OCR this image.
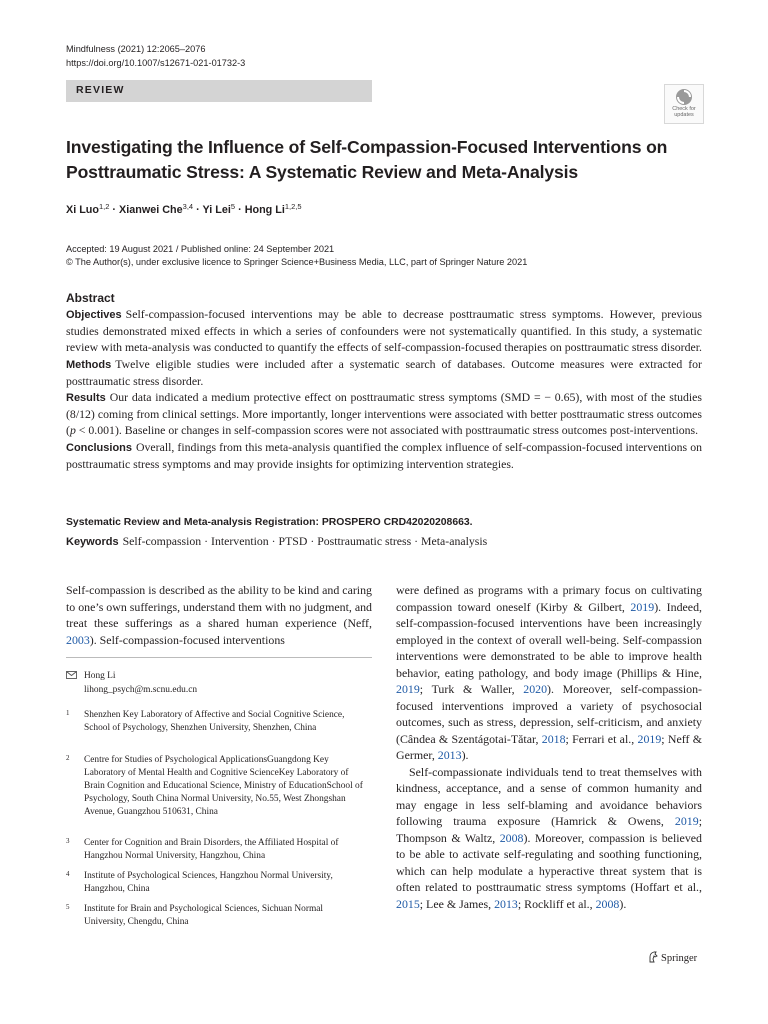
Mindfulness (2021) 12:2065–2076
https://doi.org/10.1007/s12671-021-01732-3
REVIEW
Check for
updates
Investigating the Influence of Self-Compassion-Focused Interventions on Posttraumatic Stress: A Systematic Review and Meta-Analysis
Xi Luo$^{1,2}$ · Xianwei Che$^{3,4}$ · Yi Lei$^5$ · Hong Li$^{1,2,5}$
Accepted: 19 August 2021 / Published online: 24 September 2021
© The Author(s), under exclusive licence to Springer Science+Business Media, LLC, part of Springer Nature 2021
Abstract

Objectives Self-compassion-focused interventions may be able to decrease posttraumatic stress symptoms. However, previous studies demonstrated mixed effects in which a series of confounders were not systematically quantified. In this study, a systematic review with meta-analysis was conducted to quantify the effects of self-compassion-focused therapies on posttraumatic stress disorder.

Methods Twelve eligible studies were included after a systematic search of databases. Outcome measures were extracted for posttraumatic stress disorder.

Results Our data indicated a medium protective effect on posttraumatic stress symptoms (SMD = − 0.65), with most of the studies (8/12) coming from clinical settings. More importantly, longer interventions were associated with better posttraumatic stress outcomes (p < 0.001). Baseline or changes in self-compassion scores were not associated with posttraumatic stress outcomes post-interventions.

Conclusions Overall, findings from this meta-analysis quantified the complex influence of self-compassion-focused interventions on posttraumatic stress symptoms and may provide insights for optimizing intervention strategies.

Systematic Review and Meta-analysis Registration: PROSPERO CRD42020208663.
Keywords Self-compassion · Intervention · PTSD · Posttraumatic stress · Meta-analysis

Self-compassion is described as the ability to be kind and caring to one’s own sufferings, understand them with no judgment, and treat these sufferings as a shared human experience (Neff, 2003). Self-compassion-focused interventions

Hong Li
lihong_psych@m.scnu.edu.cn
1 Shenzhen Key Laboratory of Affective and Social Cognitive Science, School of Psychology, Shenzhen University, Shenzhen, China
2 Centre for Studies of Psychological ApplicationsGuangdong Key Laboratory of Mental Health and Cognitive ScienceKey Laboratory of Brain Cognition and Educational Science, Ministry of EducationSchool of Psychology, South China Normal University, No.55, West Zhongshan Avenue, Guangzhou 510631, China
3 Center for Cognition and Brain Disorders, the Affiliated Hospital of Hangzhou Normal University, Hangzhou, China
4 Institute of Psychological Sciences, Hangzhou Normal University, Hangzhou, China
5 Institute for Brain and Psychological Sciences, Sichuan Normal University, Chengdu, China

were defined as programs with a primary focus on cultivating compassion toward oneself (Kirby & Gilbert, 2019). Indeed, self-compassion-focused interventions have been increasingly employed in the context of overall well-being. Self-compassion interventions were demonstrated to be able to improve health behavior, eating pathology, and body image (Phillips & Hine, 2019; Turk & Waller, 2020). Moreover, self-compassion-focused interventions improved a variety of psychosocial outcomes, such as stress, depression, self-criticism, and anxiety (Cândea & Szentágotai-Tătar, 2018; Ferrari et al., 2019; Neff & Germer, 2013).

Self-compassionate individuals tend to treat themselves with kindness, acceptance, and a sense of common humanity and may engage in less self-blaming and avoidance behaviors following trauma exposure (Hamrick & Owens, 2019; Thompson & Waltz, 2008). Moreover, compassion is believed to be able to activate self-regulating and soothing functioning, which can help modulate a hyperactive threat system that is often related to posttraumatic stress symptoms (Hoffart et al., 2015; Lee & James, 2013; Rockliff et al., 2008).

Springer
